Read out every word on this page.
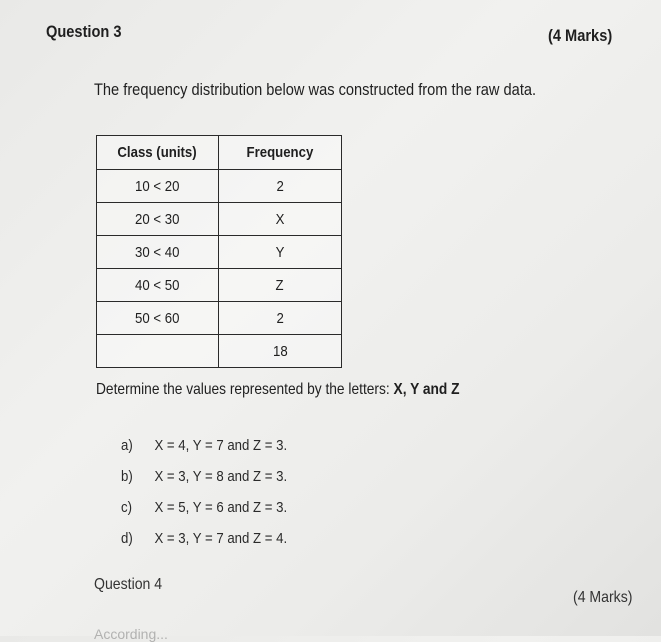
Question 3	(4 Marks)
The frequency distribution below was constructed from the raw data.
Class (units)	Frequency
10 < 20	2
20 < 30	X
30 < 40	Y
40 < 50	Z
50 < 60	2
	18
Determine the values represented by the letters: X, Y and Z
a)	X = 4, Y = 7 and Z = 3.
b)	X = 3, Y = 8 and Z = 3.
c)	X = 5, Y = 6 and Z = 3.
d)	X = 3, Y = 7 and Z = 4.
Question 4
(4 Marks)
According...
